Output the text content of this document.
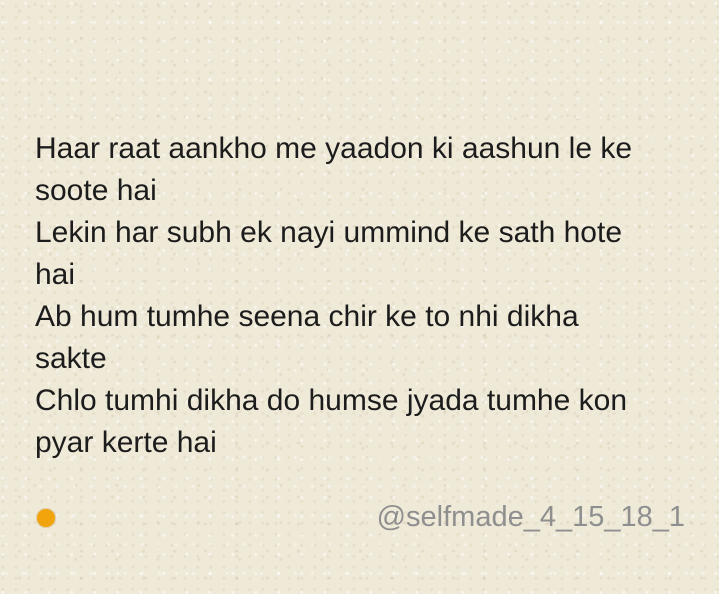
Haar raat aankho me yaadon ki aashun le ke
soote hai
Lekin har subh ek nayi ummind ke sath hote
hai
Ab hum tumhe seena chir ke to nhi dikha
sakte
Chlo tumhi dikha do humse jyada tumhe kon
pyar kerte hai
@selfmade_4_15_18_1
